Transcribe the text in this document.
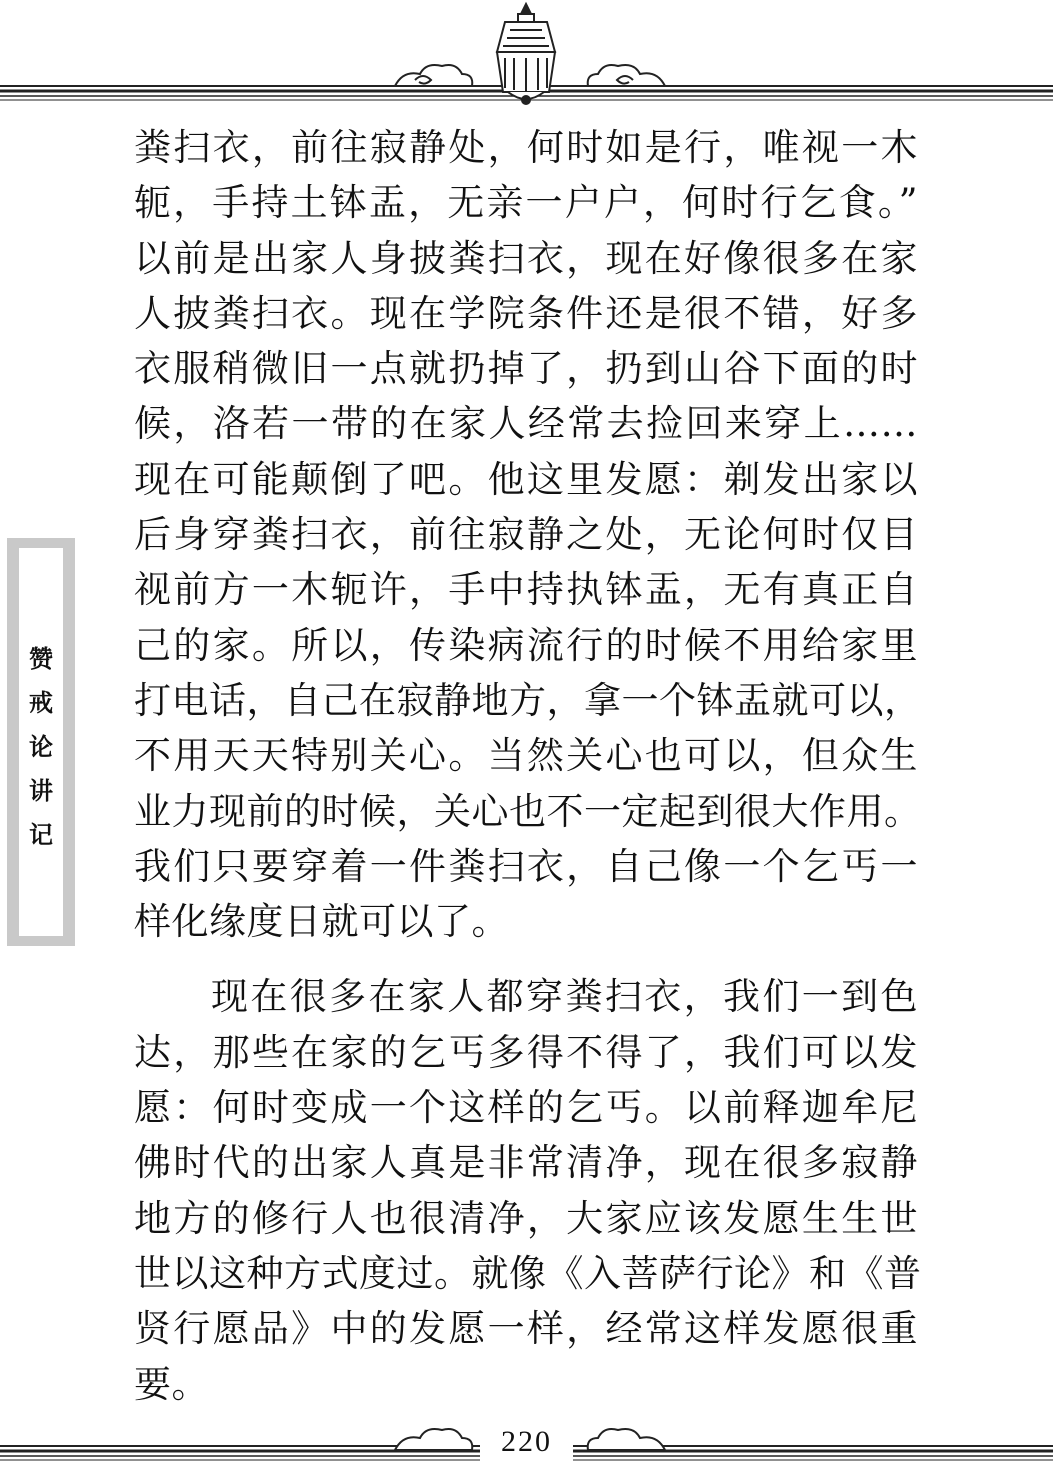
赞
戒
论
讲
记
粪扫衣，前往寂静处，何时如是行，唯视一木
轭，手持土钵盂，无亲一户户，何时行乞食。”
以前是出家人身披粪扫衣，现在好像很多在家
人披粪扫衣。现在学院条件还是很不错，好多
衣服稍微旧一点就扔掉了，扔到山谷下面的时
候，洛若一带的在家人经常去捡回来穿上……
现在可能颠倒了吧。他这里发愿：剃发出家以
后身穿粪扫衣，前往寂静之处，无论何时仅目
视前方一木轭许，手中持执钵盂，无有真正自
己的家。所以，传染病流行的时候不用给家里
打电话，自己在寂静地方，拿一个钵盂就可以，
不用天天特别关心。当然关心也可以，但众生
业力现前的时候，关心也不一定起到很大作用。
我们只要穿着一件粪扫衣，自己像一个乞丐一
样化缘度日就可以了。
现在很多在家人都穿粪扫衣，我们一到色
达，那些在家的乞丐多得不得了，我们可以发
愿：何时变成一个这样的乞丐。以前释迦牟尼
佛时代的出家人真是非常清净，现在很多寂静
地方的修行人也很清净，大家应该发愿生生世
世以这种方式度过。就像《入菩萨行论》和《普
贤行愿品》中的发愿一样，经常这样发愿很重
要。
220
